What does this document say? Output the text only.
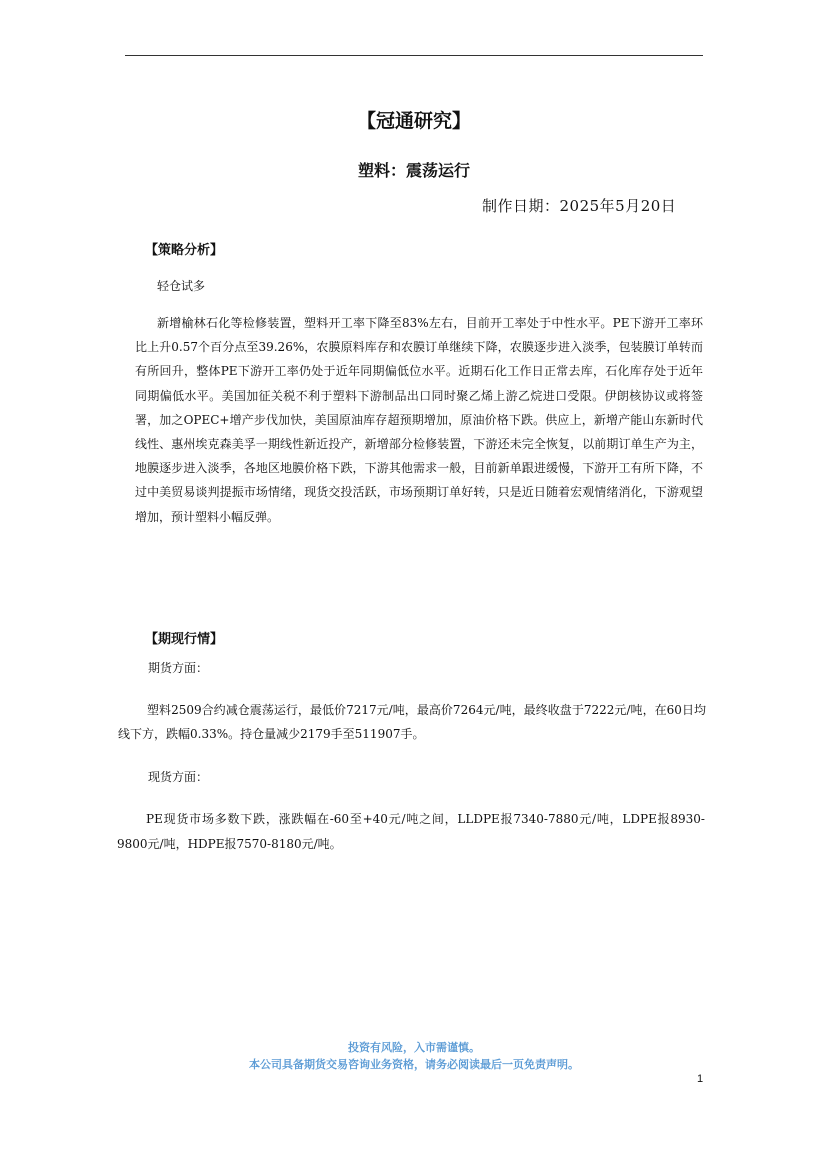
【冠通研究】
塑料：震荡运行
制作日期：2025年5月20日
【策略分析】
轻仓试多
新增榆林石化等检修装置，塑料开工率下降至83%左右，目前开工率处于中性水平。PE下游开工率环比上升0.57个百分点至39.26%，农膜原料库存和农膜订单继续下降，农膜逐步进入淡季，包装膜订单转而有所回升，整体PE下游开工率仍处于近年同期偏低位水平。近期石化工作日正常去库，石化库存处于近年同期偏低水平。美国加征关税不利于塑料下游制品出口同时聚乙烯上游乙烷进口受限。伊朗核协议或将签署，加之OPEC+增产步伐加快，美国原油库存超预期增加，原油价格下跌。供应上，新增产能山东新时代线性、惠州埃克森美孚一期线性新近投产，新增部分检修装置，下游还未完全恢复，以前期订单生产为主，地膜逐步进入淡季，各地区地膜价格下跌，下游其他需求一般，目前新单跟进缓慢，下游开工有所下降，不过中美贸易谈判提振市场情绪，现货交投活跃，市场预期订单好转，只是近日随着宏观情绪消化，下游观望增加，预计塑料小幅反弹。
【期现行情】
期货方面：
塑料2509合约减仓震荡运行，最低价7217元/吨，最高价7264元/吨，最终收盘于7222元/吨，在60日均线下方，跌幅0.33%。持仓量减少2179手至511907手。
现货方面：
PE现货市场多数下跌，涨跌幅在-60至+40元/吨之间，LLDPE报7340-7880元/吨，LDPE报8930-9800元/吨，HDPE报7570-8180元/吨。
投资有风险，入市需谨慎。
本公司具备期货交易咨询业务资格，请务必阅读最后一页免责声明。
1
